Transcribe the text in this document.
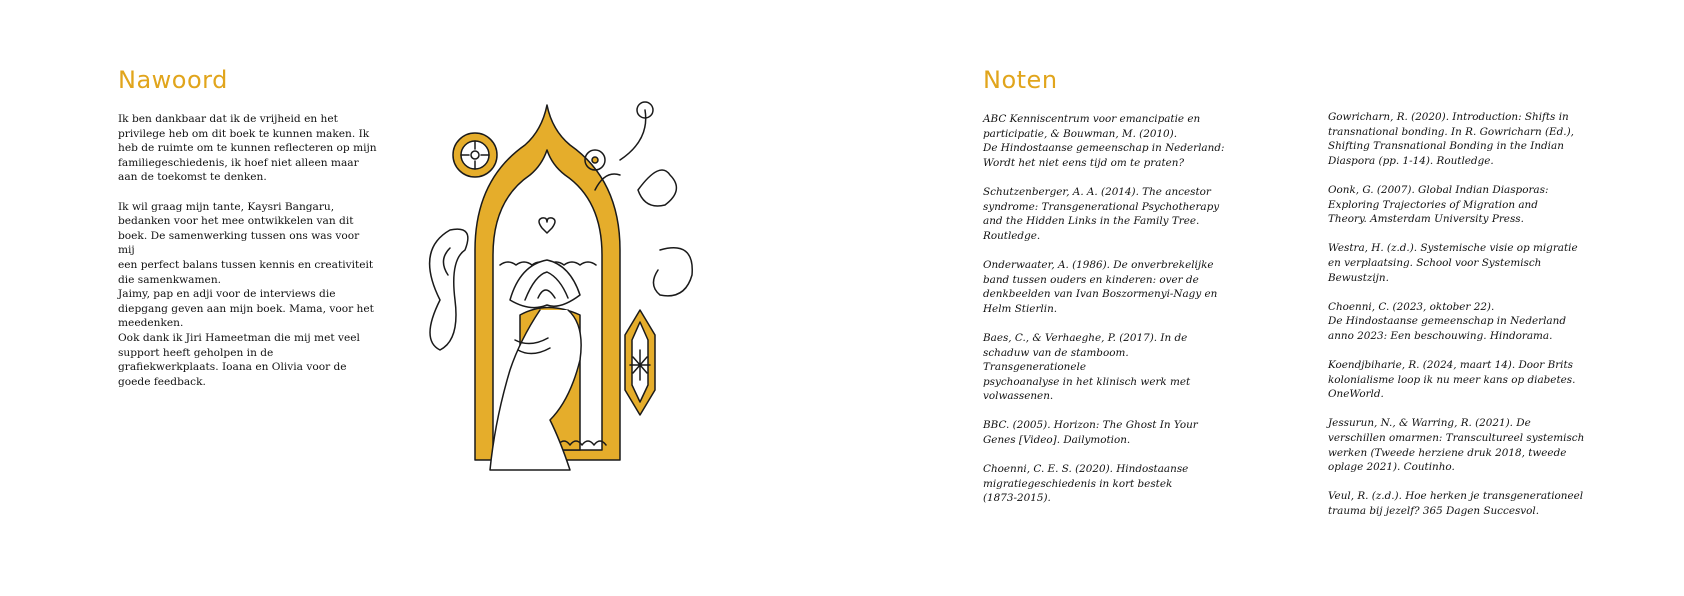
Nawoord

Ik ben dankbaar dat ik de vrijheid en het
privilege heb om dit boek te kunnen maken. Ik
heb de ruimte om te kunnen reflecteren op mijn
familiegeschiedenis, ik hoef niet alleen maar
aan de toekomst te denken.

Ik wil graag mijn tante, Kaysri Bangaru,
bedanken voor het mee ontwikkelen van dit
boek. De samenwerking tussen ons was voor mij
een perfect balans tussen kennis en creativiteit
die samenkwamen.
Jaimy, pap en adji voor de interviews die
diepgang geven aan mijn boek. Mama, voor het
meedenken.
Ook dank ik Jiri Hameetman die mij met veel
support heeft geholpen in de
grafiekwerkplaats. Ioana en Olivia voor de
goede feedback.

Noten

ABC Kenniscentrum voor emancipatie en
participatie, & Bouwman, M. (2010).
De Hindostaanse gemeenschap in Nederland:
Wordt het niet eens tijd om te praten?

Schutzenberger, A. A. (2014). The ancestor
syndrome: Transgenerational Psychotherapy
and the Hidden Links in the Family Tree.
Routledge.

Onderwaater, A. (1986). De onverbrekelijke
band tussen ouders en kinderen: over de
denkbeelden van Ivan Boszormenyi-Nagy en
Helm Stierlin.

Baes, C., & Verhaeghe, P. (2017). In de
schaduw van de stamboom. Transgenerationele
psychoanalyse in het klinisch werk met
volwassenen.

BBC. (2005). Horizon: The Ghost In Your
Genes [Video]. Dailymotion.

Choenni, C. E. S. (2020). Hindostaanse
migratiegeschiedenis in kort bestek
(1873-2015).

Gowricharn, R. (2020). Introduction: Shifts in
transnational bonding. In R. Gowricharn (Ed.),
Shifting Transnational Bonding in the Indian
Diaspora (pp. 1-14). Routledge.

Oonk, G. (2007). Global Indian Diasporas:
Exploring Trajectories of Migration and
Theory. Amsterdam University Press.

Westra, H. (z.d.). Systemische visie op migratie
en verplaatsing. School voor Systemisch
Bewustzijn.

Choenni, C. (2023, oktober 22).
De Hindostaanse gemeenschap in Nederland
anno 2023: Een beschouwing. Hindorama.

Koendjbiharie, R. (2024, maart 14). Door Brits
kolonialisme loop ik nu meer kans op diabetes.
OneWorld.

Jessurun, N., & Warring, R. (2021). De
verschillen omarmen: Transcultureel systemisch
werken (Tweede herziene druk 2018, tweede
oplage 2021). Coutinho.

Veul, R. (z.d.). Hoe herken je transgenerationeel
trauma bij jezelf? 365 Dagen Succesvol.
